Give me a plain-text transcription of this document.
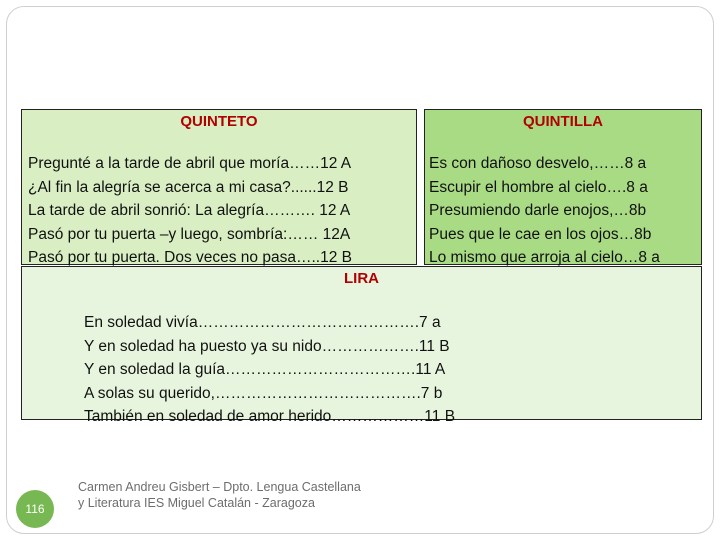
QUINTETO
Pregunté a la tarde de abril que moría……12 A
¿Al fin la alegría se acerca a mi casa?......12 B
La tarde de abril sonrió: La alegría………. 12 A
Pasó por tu puerta –y luego, sombría:…… 12A
Pasó por tu puerta. Dos veces no pasa…..12 B
QUINTILLA
Es con dañoso desvelo,……8 a
Escupir el hombre al cielo….8 a
Presumiendo darle enojos,…8b
Pues que le cae en los ojos…8b
Lo mismo que arroja al cielo…8 a
LIRA
En soledad vivía…………………………………….7 a
Y en soledad ha puesto ya su nido……………….11 B
Y en soledad la guía……………………………….11 A
A solas su querido,………………………………….7 b
También en soledad de amor herido………………11 B
116
Carmen Andreu Gisbert – Dpto. Lengua Castellana y Literatura IES Miguel Catalán - Zaragoza
